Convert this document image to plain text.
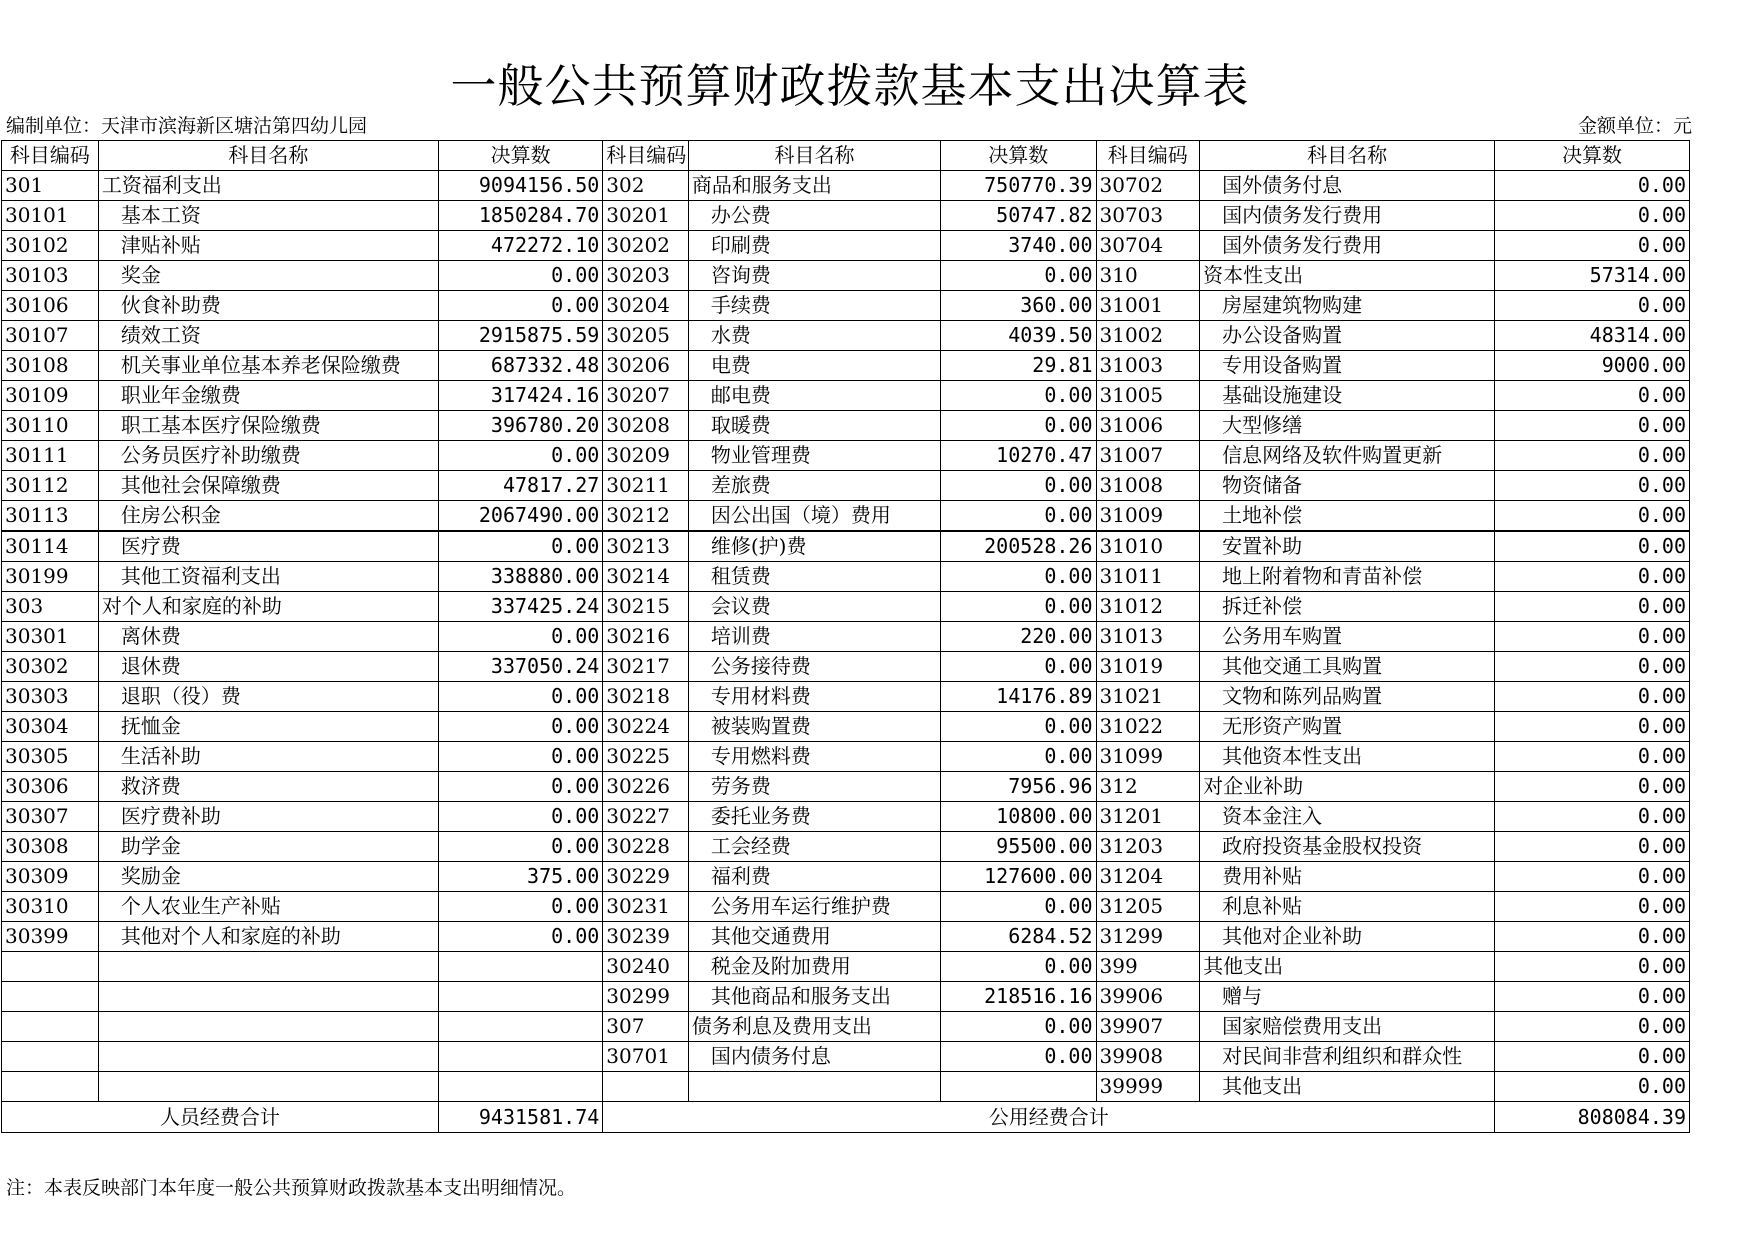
一般公共预算财政拨款基本支出决算表
编制单位：天津市滨海新区塘沽第四幼儿园	金额单位：元
科目编码	科目名称	决算数	科目编码	科目名称	决算数	科目编码	科目名称	决算数
301	工资福利支出	9094156.50	302	商品和服务支出	750770.39	30702	国外债务付息	0.00
30101	基本工资	1850284.70	30201	办公费	50747.82	30703	国内债务发行费用	0.00
30102	津贴补贴	472272.10	30202	印刷费	3740.00	30704	国外债务发行费用	0.00
30103	奖金	0.00	30203	咨询费	0.00	310	资本性支出	57314.00
30106	伙食补助费	0.00	30204	手续费	360.00	31001	房屋建筑物购建	0.00
30107	绩效工资	2915875.59	30205	水费	4039.50	31002	办公设备购置	48314.00
30108	机关事业单位基本养老保险缴费	687332.48	30206	电费	29.81	31003	专用设备购置	9000.00
30109	职业年金缴费	317424.16	30207	邮电费	0.00	31005	基础设施建设	0.00
30110	职工基本医疗保险缴费	396780.20	30208	取暖费	0.00	31006	大型修缮	0.00
30111	公务员医疗补助缴费	0.00	30209	物业管理费	10270.47	31007	信息网络及软件购置更新	0.00
30112	其他社会保障缴费	47817.27	30211	差旅费	0.00	31008	物资储备	0.00
30113	住房公积金	2067490.00	30212	因公出国（境）费用	0.00	31009	土地补偿	0.00
30114	医疗费	0.00	30213	维修(护)费	200528.26	31010	安置补助	0.00
30199	其他工资福利支出	338880.00	30214	租赁费	0.00	31011	地上附着物和青苗补偿	0.00
303	对个人和家庭的补助	337425.24	30215	会议费	0.00	31012	拆迁补偿	0.00
30301	离休费	0.00	30216	培训费	220.00	31013	公务用车购置	0.00
30302	退休费	337050.24	30217	公务接待费	0.00	31019	其他交通工具购置	0.00
30303	退职（役）费	0.00	30218	专用材料费	14176.89	31021	文物和陈列品购置	0.00
30304	抚恤金	0.00	30224	被装购置费	0.00	31022	无形资产购置	0.00
30305	生活补助	0.00	30225	专用燃料费	0.00	31099	其他资本性支出	0.00
30306	救济费	0.00	30226	劳务费	7956.96	312	对企业补助	0.00
30307	医疗费补助	0.00	30227	委托业务费	10800.00	31201	资本金注入	0.00
30308	助学金	0.00	30228	工会经费	95500.00	31203	政府投资基金股权投资	0.00
30309	奖励金	375.00	30229	福利费	127600.00	31204	费用补贴	0.00
30310	个人农业生产补贴	0.00	30231	公务用车运行维护费	0.00	31205	利息补贴	0.00
30399	其他对个人和家庭的补助	0.00	30239	其他交通费用	6284.52	31299	其他对企业补助	0.00
			30240	税金及附加费用	0.00	399	其他支出	0.00
			30299	其他商品和服务支出	218516.16	39906	赠与	0.00
			307	债务利息及费用支出	0.00	39907	国家赔偿费用支出	0.00
			30701	国内债务付息	0.00	39908	对民间非营利组织和群众性	0.00
						39999	其他支出	0.00
人员经费合计		9431581.74	公用经费合计					808084.39
注：本表反映部门本年度一般公共预算财政拨款基本支出明细情况。
